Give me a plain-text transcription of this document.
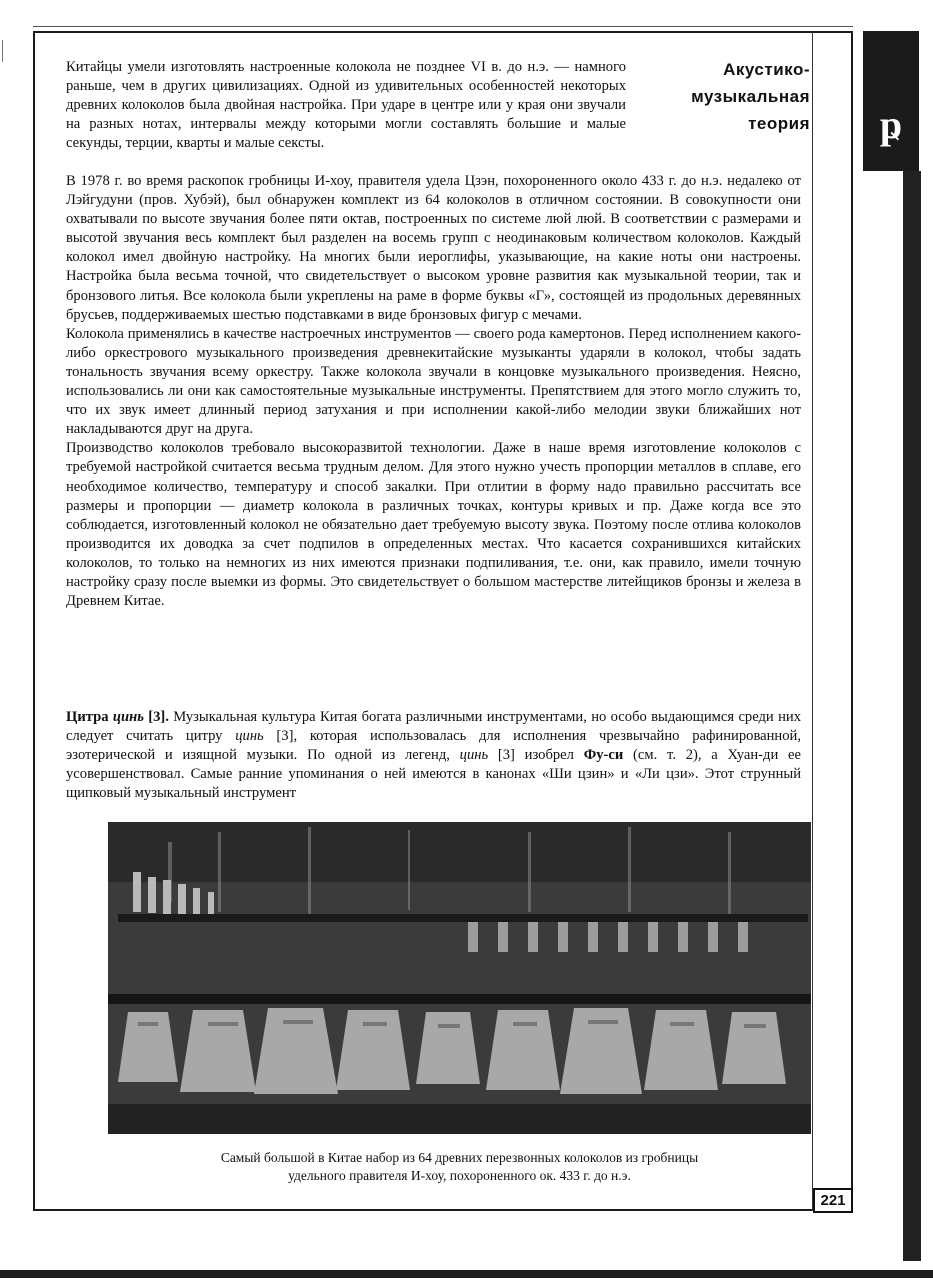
ҏ
Акустико-
музыкальная
теория

Китайцы умели изготовлять настроенные колокола не позднее VI в. до н.э. — намного раньше, чем в других цивилизациях. Одной из удивительных особенностей некоторых древних колоколов была двойная настройка. При ударе в центре или у края они звучали на разных нотах, интервалы между которыми могли составлять большие и малые секунды, терции, кварты и малые сексты.

В 1978 г. во время раскопок гробницы И-хоу, правителя удела Цзэн, похороненного около 433 г. до н.э. недалеко от Лэйгудуни (пров. Хубэй), был обнаружен комплект из 64 колоколов в отличном состоянии. В совокупности они охватывали по высоте звучания более пяти октав, построенных по системе люй люй. В соответствии с размерами и высотой звучания весь комплект был разделен на восемь групп с неодинаковым количеством колоколов. Каждый колокол имел двойную настройку. На многих были иероглифы, указывающие, на какие ноты они настроены. Настройка была весьма точной, что свидетельствует о высоком уровне развития как музыкальной теории, так и бронзового литья. Все колокола были укреплены на раме в форме буквы «Г», состоящей из продольных деревянных брусьев, поддерживаемых шестью подставками в виде бронзовых фигур с мечами.

Колокола применялись в качестве настроечных инструментов — своего рода камертонов. Перед исполнением какого-либо оркестрового музыкального произведения древнекитайские музыканты ударяли в колокол, чтобы задать тональность звучания всему оркестру. Также колокола звучали в концовке музыкального произведения. Неясно, использовались ли они как самостоятельные музыкальные инструменты. Препятствием для этого могло служить то, что их звук имеет длинный период затухания и при исполнении какой-либо мелодии звуки ближайших нот накладываются друг на друга.

Производство колоколов требовало высокоразвитой технологии. Даже в наше время изготовление колоколов с требуемой настройкой считается весьма трудным делом. Для этого нужно учесть пропорции металлов в сплаве, его необходимое количество, температуру и способ закалки. При отлитии в форму надо правильно рассчитать все размеры и пропорции — диаметр колокола в различных точках, контуры кривых и пр. Даже когда все это соблюдается, изготовленный колокол не обязательно дает требуемую высоту звука. Поэтому после отлива колоколов производится их доводка за счет подпилов в определенных местах. Что касается сохранившихся китайских колоколов, то только на немногих из них имеются признаки подпиливания, т.е. они, как правило, имели точную настройку сразу после выемки из формы. Это свидетельствует о большом мастерстве литейщиков бронзы и железа в Древнем Китае.

Цитра цинь [3]. Музыкальная культура Китая богата различными инструментами, но особо выдающимся среди них следует считать цитру цинь [3], которая использовалась для исполнения чрезвычайно рафинированной, эзотерической и изящной музыки. По одной из легенд, цинь [3] изобрел Фу-си (см. т. 2), а Хуан-ди ее усовершенствовал. Самые ранние упоминания о ней имеются в канонах «Ши цзин» и «Ли цзи». Этот струнный щипковый музыкальный инструмент

Самый большой в Китае набор из 64 древних перезвонных колоколов из гробницы
удельного правителя И-хоу, похороненного ок. 433 г. до н.э.
221
